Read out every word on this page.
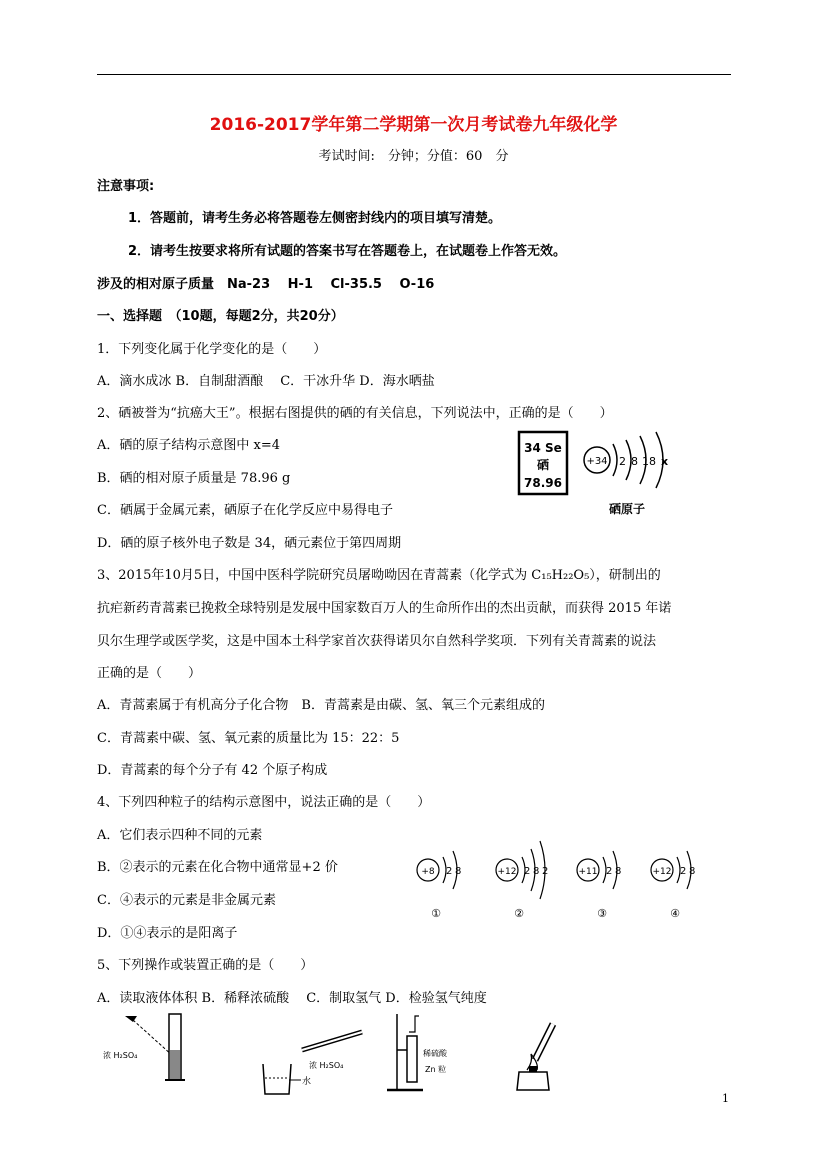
2016-2017学年第二学期第一次月考试卷九年级化学
考试时间:　分钟；分值：60　分
注意事项:
1．答题前，请考生务必将答题卷左侧密封线内的项目填写清楚。
2．请考生按要求将所有试题的答案书写在答题卷上，在试题卷上作答无效。
涉及的相对原子质量　Na-23　 H-1　 Cl-35.5　 O-16
一、选择题　（10题，每题2分，共20分）
1．下列变化属于化学变化的是（　　）
A．滴水成冰 B．自制甜酒酿　 C．干冰升华 D．海水晒盐
2、硒被誉为“抗癌大王”。根据右图提供的硒的有关信息，下列说法中，正确的是（　　）
A．硒的原子结构示意图中 x=4
B．硒的相对原子质量是 78.96 g
C．硒属于金属元素，硒原子在化学反应中易得电子
D．硒的原子核外电子数是 34，硒元素位于第四周期
34 Se
硒
78.96
+34 2 8 18 x
硒原子
3、2015年10月5日，中国中医科学院研究员屠呦呦因在青蒿素（化学式为 C₁₅H₂₂O₅），研制出的
抗疟新药青蒿素已挽救全球特别是发展中国家数百万人的生命所作出的杰出贡献，而获得 2015 年诺
贝尔生理学或医学奖，这是中国本土科学家首次获得诺贝尔自然科学奖项．下列有关青蒿素的说法
正确的是（　　）
A．青蒿素属于有机高分子化合物　B．青蒿素是由碳、氢、氧三个元素组成的
C．青蒿素中碳、氢、氧元素的质量比为 15：22：5
D．青蒿素的每个分子有 42 个原子构成
4、下列四种粒子的结构示意图中，说法正确的是（　　）
A．它们表示四种不同的元素
B．②表示的元素在化合物中通常显+2 价
C．④表示的元素是非金属元素
D．①④表示的是阳离子
+8 2 8
①
+12 2 8 2
②
+11 2 8
③
+12 2 8
④
5、下列操作或装置正确的是（　　）
A．读取液体体积 B．稀释浓硫酸　 C．制取氢气 D．检验氢气纯度
浓 H₂SO₄
浓 H₂SO₄
水
稀硫酸
Zn 粒
1
